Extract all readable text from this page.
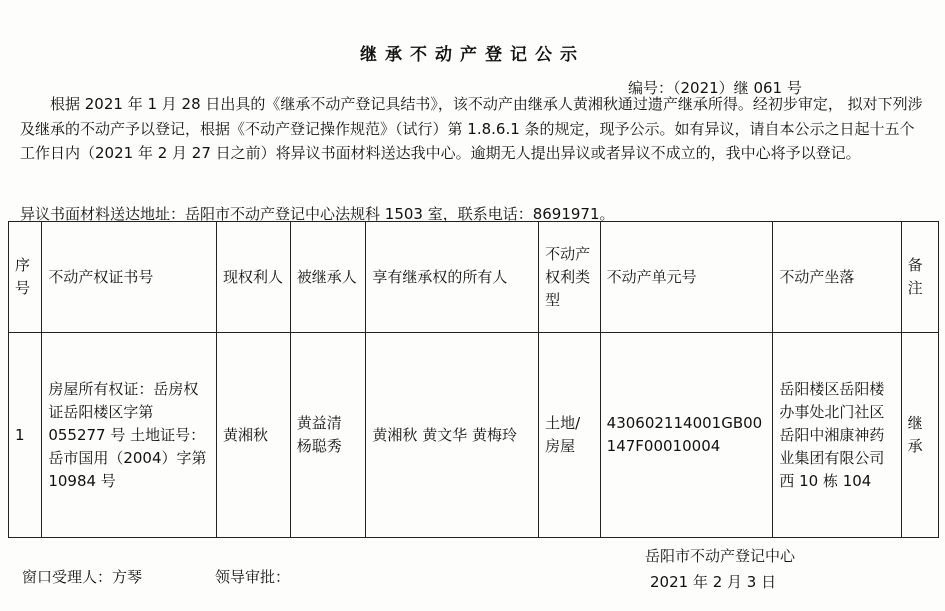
继承不动产登记公示
编号：（2021）继 061 号
根据 2021 年 1 月 28 日出具的《继承不动产登记具结书》，该不动产由继承人黄湘秋通过遗产继承所得。经初步审定， 拟对下列涉及继承的不动产予以登记，根据《不动产登记操作规范》（试行）第 1.8.6.1 条的规定，现予公示。如有异议，请自本公示之日起十五个工作日内（2021 年 2 月 27 日之前）将异议书面材料送达我中心。逾期无人提出异议或者异议不成立的，我中心将予以登记。
异议书面材料送达地址：岳阳市不动产登记中心法规科 1503 室，联系电话：8691971。
序号	不动产权证书号	现权利人	被继承人	享有继承权的所有人	不动产权利类型	不动产单元号	不动产坐落	备注
1	房屋所有权证：岳房权证岳阳楼区字第 055277 号 土地证号：岳市国用（2004）字第 10984 号	黄湘秋	黄益清 杨聪秀	黄湘秋 黄文华 黄梅玲	土地/房屋	430602114001GB00147F00010004	岳阳楼区岳阳楼办事处北门社区岳阳中湘康神药业集团有限公司西 10 栋 104	继承
岳阳市不动产登记中心
2021 年 2 月 3 日
窗口受理人：方琴	领导审批：
